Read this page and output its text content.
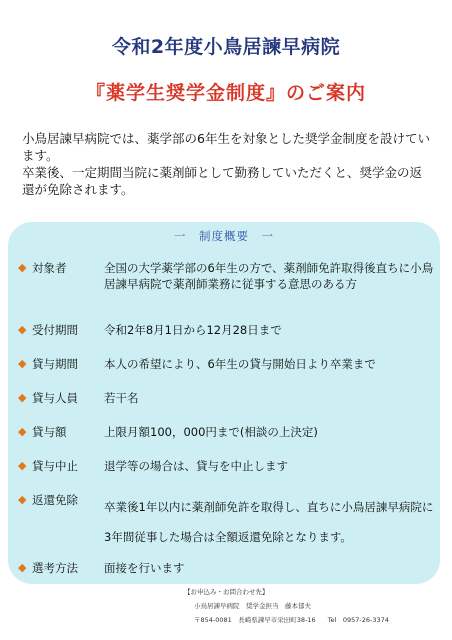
令和2年度小鳥居諫早病院
『薬学生奨学金制度』のご案内

小鳥居諫早病院では、薬学部の6年生を対象とした奨学金制度を設けています。

卒業後、一定期間当院に薬剤師として勤務していただくと、奨学金の返還が免除されます。

一　制度概要　一
◆ 対象者	全国の大学薬学部の6年生の方で、薬剤師免許取得後直ちに小鳥居諫早病院で薬剤師業務に従事する意思のある方
◆ 受付期間	令和2年8月1日から12月28日まで
◆ 貸与期間	本人の希望により、6年生の貸与開始日より卒業まで
◆ 貸与人員	若干名
◆ 貸与額	上限月額100，000円まで(相談の上決定)
◆ 貸与中止	退学等の場合は、貸与を中止します
◆ 返還免除	卒業後1年以内に薬剤師免許を取得し、直ちに小鳥居諫早病院に3年間従事した場合は全額返還免除となります。
◆ 選考方法	面接を行います
【お申込み・お問合わせ先】
小鳥居諫早病院　奨学金担当　藤本郁夫
〒854-0081　長崎県諫早市栄田町38-16 Tel　0957-26-3374
